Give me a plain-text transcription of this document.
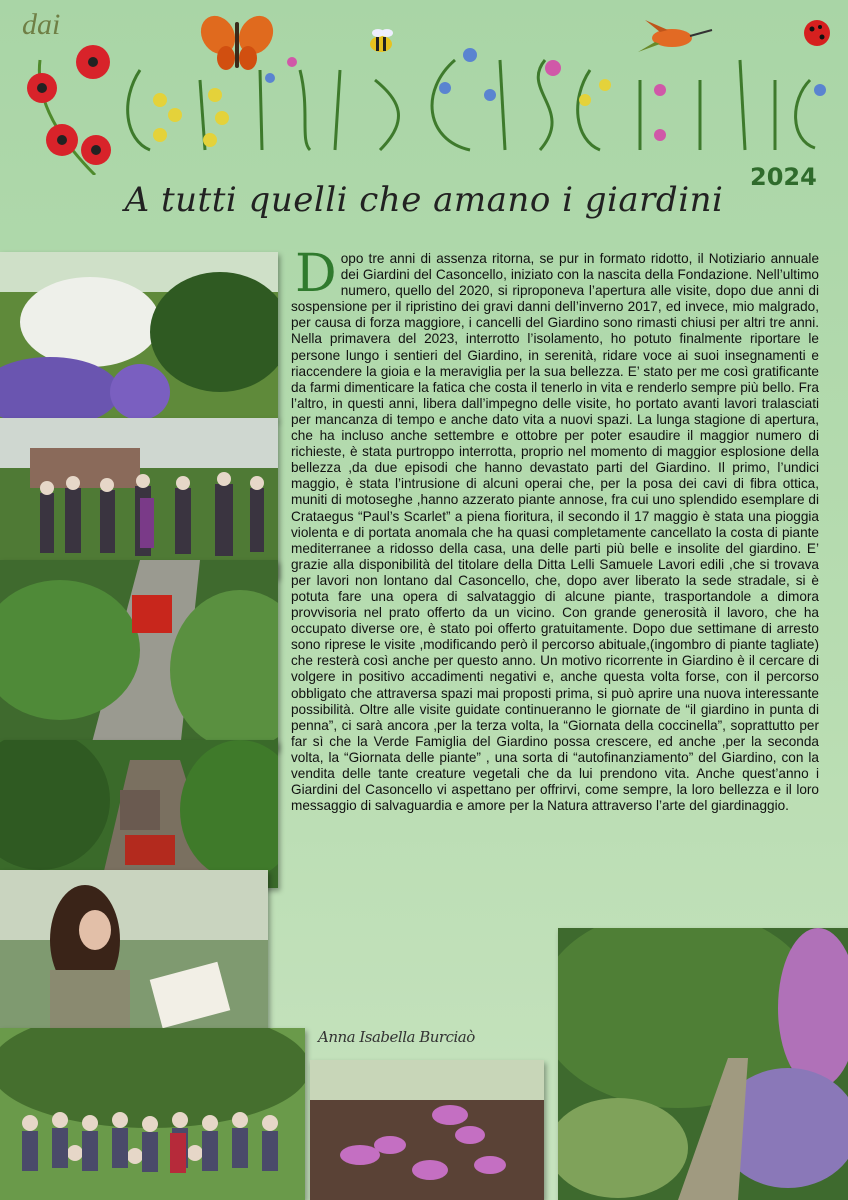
dai
2024
A tutti quelli che amano i giardini
Dopo tre anni di assenza ritorna, se pur in formato ridotto, il Notiziario annuale dei Giardini del Casoncello, iniziato con la nascita della Fondazione. Nell’ultimo numero, quello del 2020, si riproponeva l’apertura alle visite, dopo due anni di sospensione per il ripristino dei gravi danni dell’inverno 2017, ed invece, mio malgrado, per causa di forza maggiore, i cancelli del Giardino sono rimasti chiusi per altri tre anni. Nella primavera del 2023, interrotto l’isolamento, ho potuto finalmente riportare le persone lungo i sentieri del Giardino, in serenità, ridare voce ai suoi insegnamenti e riaccendere la gioia e la meraviglia per la sua bellezza. E’ stato per me così gratificante da farmi dimenticare la fatica che costa il tenerlo in vita e renderlo sempre più bello. Fra l’altro, in questi anni, libera dall’impegno delle visite, ho portato avanti lavori tralasciati per mancanza di tempo e anche dato vita a nuovi spazi. La lunga stagione di apertura, che ha incluso anche settembre e ottobre per poter esaudire il maggior numero di richieste, è stata purtroppo interrotta, proprio nel momento di maggior esplosione della bellezza ,da due episodi che hanno devastato parti del Giardino. Il primo, l’undici maggio, è stata l’intrusione di alcuni operai che, per la posa dei cavi di fibra ottica, muniti di motoseghe ,hanno azzerato piante annose, fra cui uno splendido esemplare di Crataegus “Paul’s Scarlet” a piena fioritura, il secondo il 17 maggio è stata una pioggia violenta e di portata anomala che ha quasi completamente cancellato la costa di piante mediterranee a ridosso della casa, una delle parti più belle e insolite del giardino. E’ grazie alla disponibilità del titolare della Ditta Lelli Samuele Lavori edili ,che si trovava per lavori non lontano dal Casoncello, che, dopo aver liberato la sede stradale, si è potuta fare una opera di salvataggio di alcune piante, trasportandole a dimora provvisoria nel prato offerto da un vicino. Con grande generosità il lavoro, che ha occupato diverse ore, è stato poi offerto gratuitamente. Dopo due settimane di arresto sono riprese le visite ,modificando però il percorso abituale,(ingombro di piante tagliate) che resterà così anche per questo anno. Un motivo ricorrente in Giardino è il cercare di volgere in positivo accadimenti negativi e, anche questa volta forse, con il percorso obbligato che attraversa spazi mai proposti prima, si può aprire una nuova interessante possibilità. Oltre alle visite guidate continueranno le giornate de “il giardino in punta di penna”, ci sarà ancora ,per la terza volta, la “Giornata della coccinella”, soprattutto per far sì che la Verde Famiglia del Giardino possa crescere, ed anche ,per la seconda volta, la “Giornata delle piante” , una sorta di “autofinanziamento” del Giardino, con la vendita delle tante creature vegetali che da lui prendono vita. Anche quest’anno i Giardini del Casoncello vi aspettano per offrirvi, come sempre, la loro bellezza e il loro messaggio di salvaguardia e amore per la Natura attraverso l’arte del giardinaggio.
Anna Isabella Burciaò
